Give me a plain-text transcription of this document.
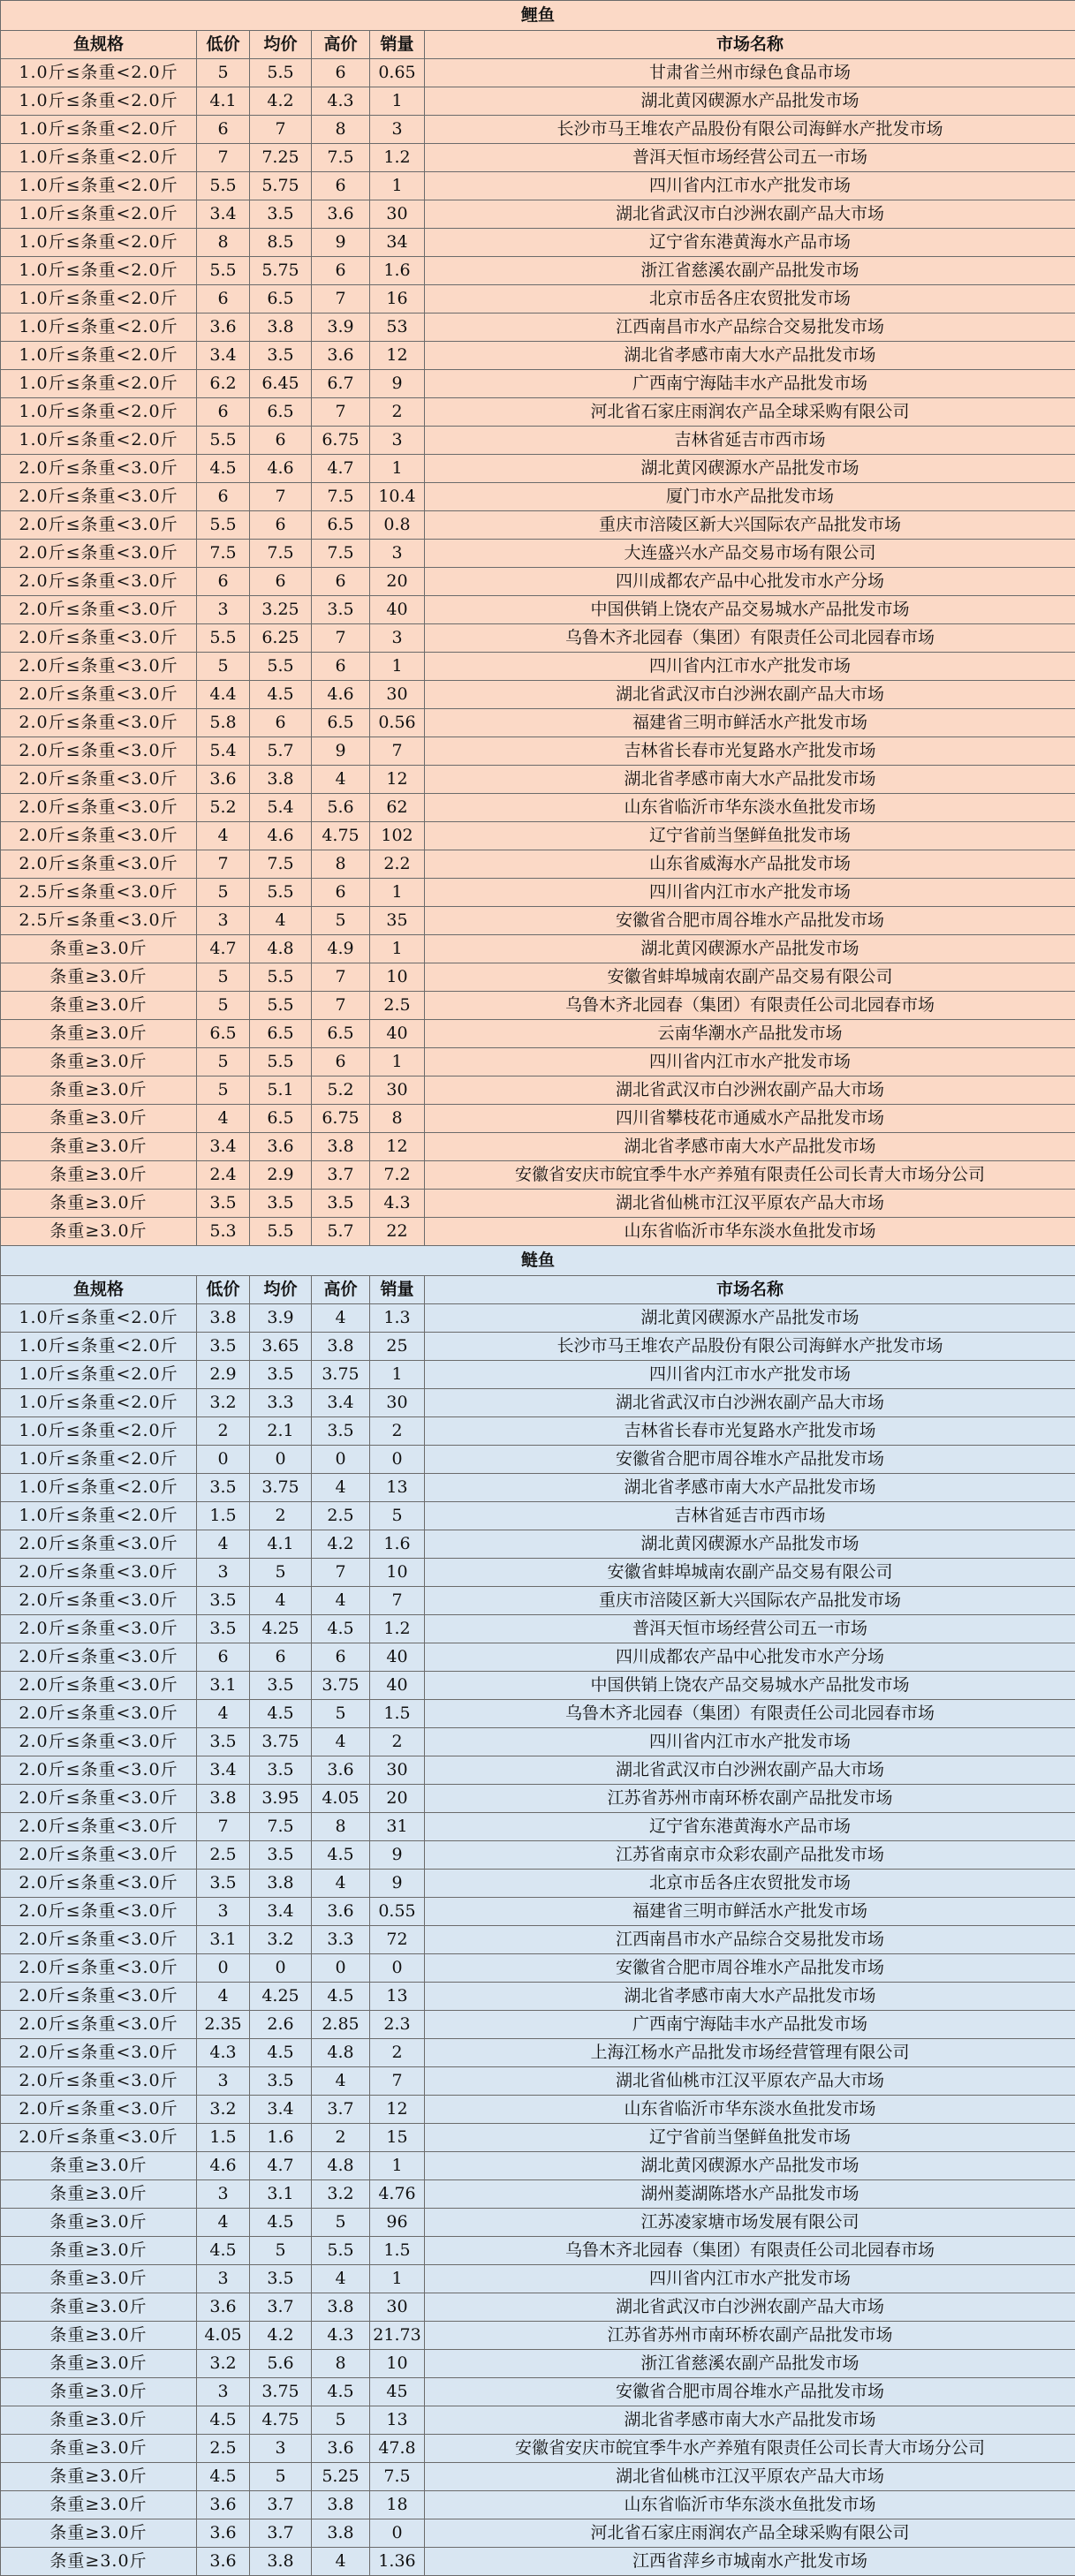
鲤鱼					
鱼规格	低价	均价	高价	销量	市场名称
1.0斤≤条重<2.0斤	5	5.5	6	0.65	甘肃省兰州市绿色食品市场
1.0斤≤条重<2.0斤	4.1	4.2	4.3	1	湖北黄冈碶源水产品批发市场
1.0斤≤条重<2.0斤	6	7	8	3	长沙市马王堆农产品股份有限公司海鲜水产批发市场
1.0斤≤条重<2.0斤	7	7.25	7.5	1.2	普洱天恒市场经营公司五一市场
1.0斤≤条重<2.0斤	5.5	5.75	6	1	四川省内江市水产批发市场
1.0斤≤条重<2.0斤	3.4	3.5	3.6	30	湖北省武汉市白沙洲农副产品大市场
1.0斤≤条重<2.0斤	8	8.5	9	34	辽宁省东港黄海水产品市场
1.0斤≤条重<2.0斤	5.5	5.75	6	1.6	浙江省慈溪农副产品批发市场
1.0斤≤条重<2.0斤	6	6.5	7	16	北京市岳各庄农贸批发市场
1.0斤≤条重<2.0斤	3.6	3.8	3.9	53	江西南昌市水产品综合交易批发市场
1.0斤≤条重<2.0斤	3.4	3.5	3.6	12	湖北省孝感市南大水产品批发市场
1.0斤≤条重<2.0斤	6.2	6.45	6.7	9	广西南宁海陆丰水产品批发市场
1.0斤≤条重<2.0斤	6	6.5	7	2	河北省石家庄雨润农产品全球采购有限公司
1.0斤≤条重<2.0斤	5.5	6	6.75	3	吉林省延吉市西市场
2.0斤≤条重<3.0斤	4.5	4.6	4.7	1	湖北黄冈碶源水产品批发市场
2.0斤≤条重<3.0斤	6	7	7.5	10.4	厦门市水产品批发市场
2.0斤≤条重<3.0斤	5.5	6	6.5	0.8	重庆市涪陵区新大兴国际农产品批发市场
2.0斤≤条重<3.0斤	7.5	7.5	7.5	3	大连盛兴水产品交易市场有限公司
2.0斤≤条重<3.0斤	6	6	6	20	四川成都农产品中心批发市水产分场
2.0斤≤条重<3.0斤	3	3.25	3.5	40	中国供销上饶农产品交易城水产品批发市场
2.0斤≤条重<3.0斤	5.5	6.25	7	3	乌鲁木齐北园春（集团）有限责任公司北园春市场
2.0斤≤条重<3.0斤	5	5.5	6	1	四川省内江市水产批发市场
2.0斤≤条重<3.0斤	4.4	4.5	4.6	30	湖北省武汉市白沙洲农副产品大市场
2.0斤≤条重<3.0斤	5.8	6	6.5	0.56	福建省三明市鲜活水产批发市场
2.0斤≤条重<3.0斤	5.4	5.7	9	7	吉林省长春市光复路水产批发市场
2.0斤≤条重<3.0斤	3.6	3.8	4	12	湖北省孝感市南大水产品批发市场
2.0斤≤条重<3.0斤	5.2	5.4	5.6	62	山东省临沂市华东淡水鱼批发市场
2.0斤≤条重<3.0斤	4	4.6	4.75	102	辽宁省前当堡鲜鱼批发市场
2.0斤≤条重<3.0斤	7	7.5	8	2.2	山东省威海水产品批发市场
2.5斤≤条重<3.0斤	5	5.5	6	1	四川省内江市水产批发市场
2.5斤≤条重<3.0斤	3	4	5	35	安徽省合肥市周谷堆水产品批发市场
条重≥3.0斤	4.7	4.8	4.9	1	湖北黄冈碶源水产品批发市场
条重≥3.0斤	5	5.5	7	10	安徽省蚌埠城南农副产品交易有限公司
条重≥3.0斤	5	5.5	7	2.5	乌鲁木齐北园春（集团）有限责任公司北园春市场
条重≥3.0斤	6.5	6.5	6.5	40	云南华潮水产品批发市场
条重≥3.0斤	5	5.5	6	1	四川省内江市水产批发市场
条重≥3.0斤	5	5.1	5.2	30	湖北省武汉市白沙洲农副产品大市场
条重≥3.0斤	4	6.5	6.75	8	四川省攀枝花市通威水产品批发市场
条重≥3.0斤	3.4	3.6	3.8	12	湖北省孝感市南大水产品批发市场
条重≥3.0斤	2.4	2.9	3.7	7.2	安徽省安庆市皖宜季牛水产养殖有限责任公司长青大市场分公司
条重≥3.0斤	3.5	3.5	3.5	4.3	湖北省仙桃市江汉平原农产品大市场
条重≥3.0斤	5.3	5.5	5.7	22	山东省临沂市华东淡水鱼批发市场
鲢鱼					
鱼规格	低价	均价	高价	销量	市场名称
1.0斤≤条重<2.0斤	3.8	3.9	4	1.3	湖北黄冈碶源水产品批发市场
1.0斤≤条重<2.0斤	3.5	3.65	3.8	25	长沙市马王堆农产品股份有限公司海鲜水产批发市场
1.0斤≤条重<2.0斤	2.9	3.5	3.75	1	四川省内江市水产批发市场
1.0斤≤条重<2.0斤	3.2	3.3	3.4	30	湖北省武汉市白沙洲农副产品大市场
1.0斤≤条重<2.0斤	2	2.1	3.5	2	吉林省长春市光复路水产批发市场
1.0斤≤条重<2.0斤	0	0	0	0	安徽省合肥市周谷堆水产品批发市场
1.0斤≤条重<2.0斤	3.5	3.75	4	13	湖北省孝感市南大水产品批发市场
1.0斤≤条重<2.0斤	1.5	2	2.5	5	吉林省延吉市西市场
2.0斤≤条重<3.0斤	4	4.1	4.2	1.6	湖北黄冈碶源水产品批发市场
2.0斤≤条重<3.0斤	3	5	7	10	安徽省蚌埠城南农副产品交易有限公司
2.0斤≤条重<3.0斤	3.5	4	4	7	重庆市涪陵区新大兴国际农产品批发市场
2.0斤≤条重<3.0斤	3.5	4.25	4.5	1.2	普洱天恒市场经营公司五一市场
2.0斤≤条重<3.0斤	6	6	6	40	四川成都农产品中心批发市水产分场
2.0斤≤条重<3.0斤	3.1	3.5	3.75	40	中国供销上饶农产品交易城水产品批发市场
2.0斤≤条重<3.0斤	4	4.5	5	1.5	乌鲁木齐北园春（集团）有限责任公司北园春市场
2.0斤≤条重<3.0斤	3.5	3.75	4	2	四川省内江市水产批发市场
2.0斤≤条重<3.0斤	3.4	3.5	3.6	30	湖北省武汉市白沙洲农副产品大市场
2.0斤≤条重<3.0斤	3.8	3.95	4.05	20	江苏省苏州市南环桥农副产品批发市场
2.0斤≤条重<3.0斤	7	7.5	8	31	辽宁省东港黄海水产品市场
2.0斤≤条重<3.0斤	2.5	3.5	4.5	9	江苏省南京市众彩农副产品批发市场
2.0斤≤条重<3.0斤	3.5	3.8	4	9	北京市岳各庄农贸批发市场
2.0斤≤条重<3.0斤	3	3.4	3.6	0.55	福建省三明市鲜活水产批发市场
2.0斤≤条重<3.0斤	3.1	3.2	3.3	72	江西南昌市水产品综合交易批发市场
2.0斤≤条重<3.0斤	0	0	0	0	安徽省合肥市周谷堆水产品批发市场
2.0斤≤条重<3.0斤	4	4.25	4.5	13	湖北省孝感市南大水产品批发市场
2.0斤≤条重<3.0斤	2.35	2.6	2.85	2.3	广西南宁海陆丰水产品批发市场
2.0斤≤条重<3.0斤	4.3	4.5	4.8	2	上海江杨水产品批发市场经营管理有限公司
2.0斤≤条重<3.0斤	3	3.5	4	7	湖北省仙桃市江汉平原农产品大市场
2.0斤≤条重<3.0斤	3.2	3.4	3.7	12	山东省临沂市华东淡水鱼批发市场
2.0斤≤条重<3.0斤	1.5	1.6	2	15	辽宁省前当堡鲜鱼批发市场
条重≥3.0斤	4.6	4.7	4.8	1	湖北黄冈碶源水产品批发市场
条重≥3.0斤	3	3.1	3.2	4.76	湖州菱湖陈塔水产品批发市场
条重≥3.0斤	4	4.5	5	96	江苏凌家塘市场发展有限公司
条重≥3.0斤	4.5	5	5.5	1.5	乌鲁木齐北园春（集团）有限责任公司北园春市场
条重≥3.0斤	3	3.5	4	1	四川省内江市水产批发市场
条重≥3.0斤	3.6	3.7	3.8	30	湖北省武汉市白沙洲农副产品大市场
条重≥3.0斤	4.05	4.2	4.3	21.73	江苏省苏州市南环桥农副产品批发市场
条重≥3.0斤	3.2	5.6	8	10	浙江省慈溪农副产品批发市场
条重≥3.0斤	3	3.75	4.5	45	安徽省合肥市周谷堆水产品批发市场
条重≥3.0斤	4.5	4.75	5	13	湖北省孝感市南大水产品批发市场
条重≥3.0斤	2.5	3	3.6	47.8	安徽省安庆市皖宜季牛水产养殖有限责任公司长青大市场分公司
条重≥3.0斤	4.5	5	5.25	7.5	湖北省仙桃市江汉平原农产品大市场
条重≥3.0斤	3.6	3.7	3.8	18	山东省临沂市华东淡水鱼批发市场
条重≥3.0斤	3.6	3.7	3.8	0	河北省石家庄雨润农产品全球采购有限公司
条重≥3.0斤	3.6	3.8	4	1.36	江西省萍乡市城南水产批发市场
